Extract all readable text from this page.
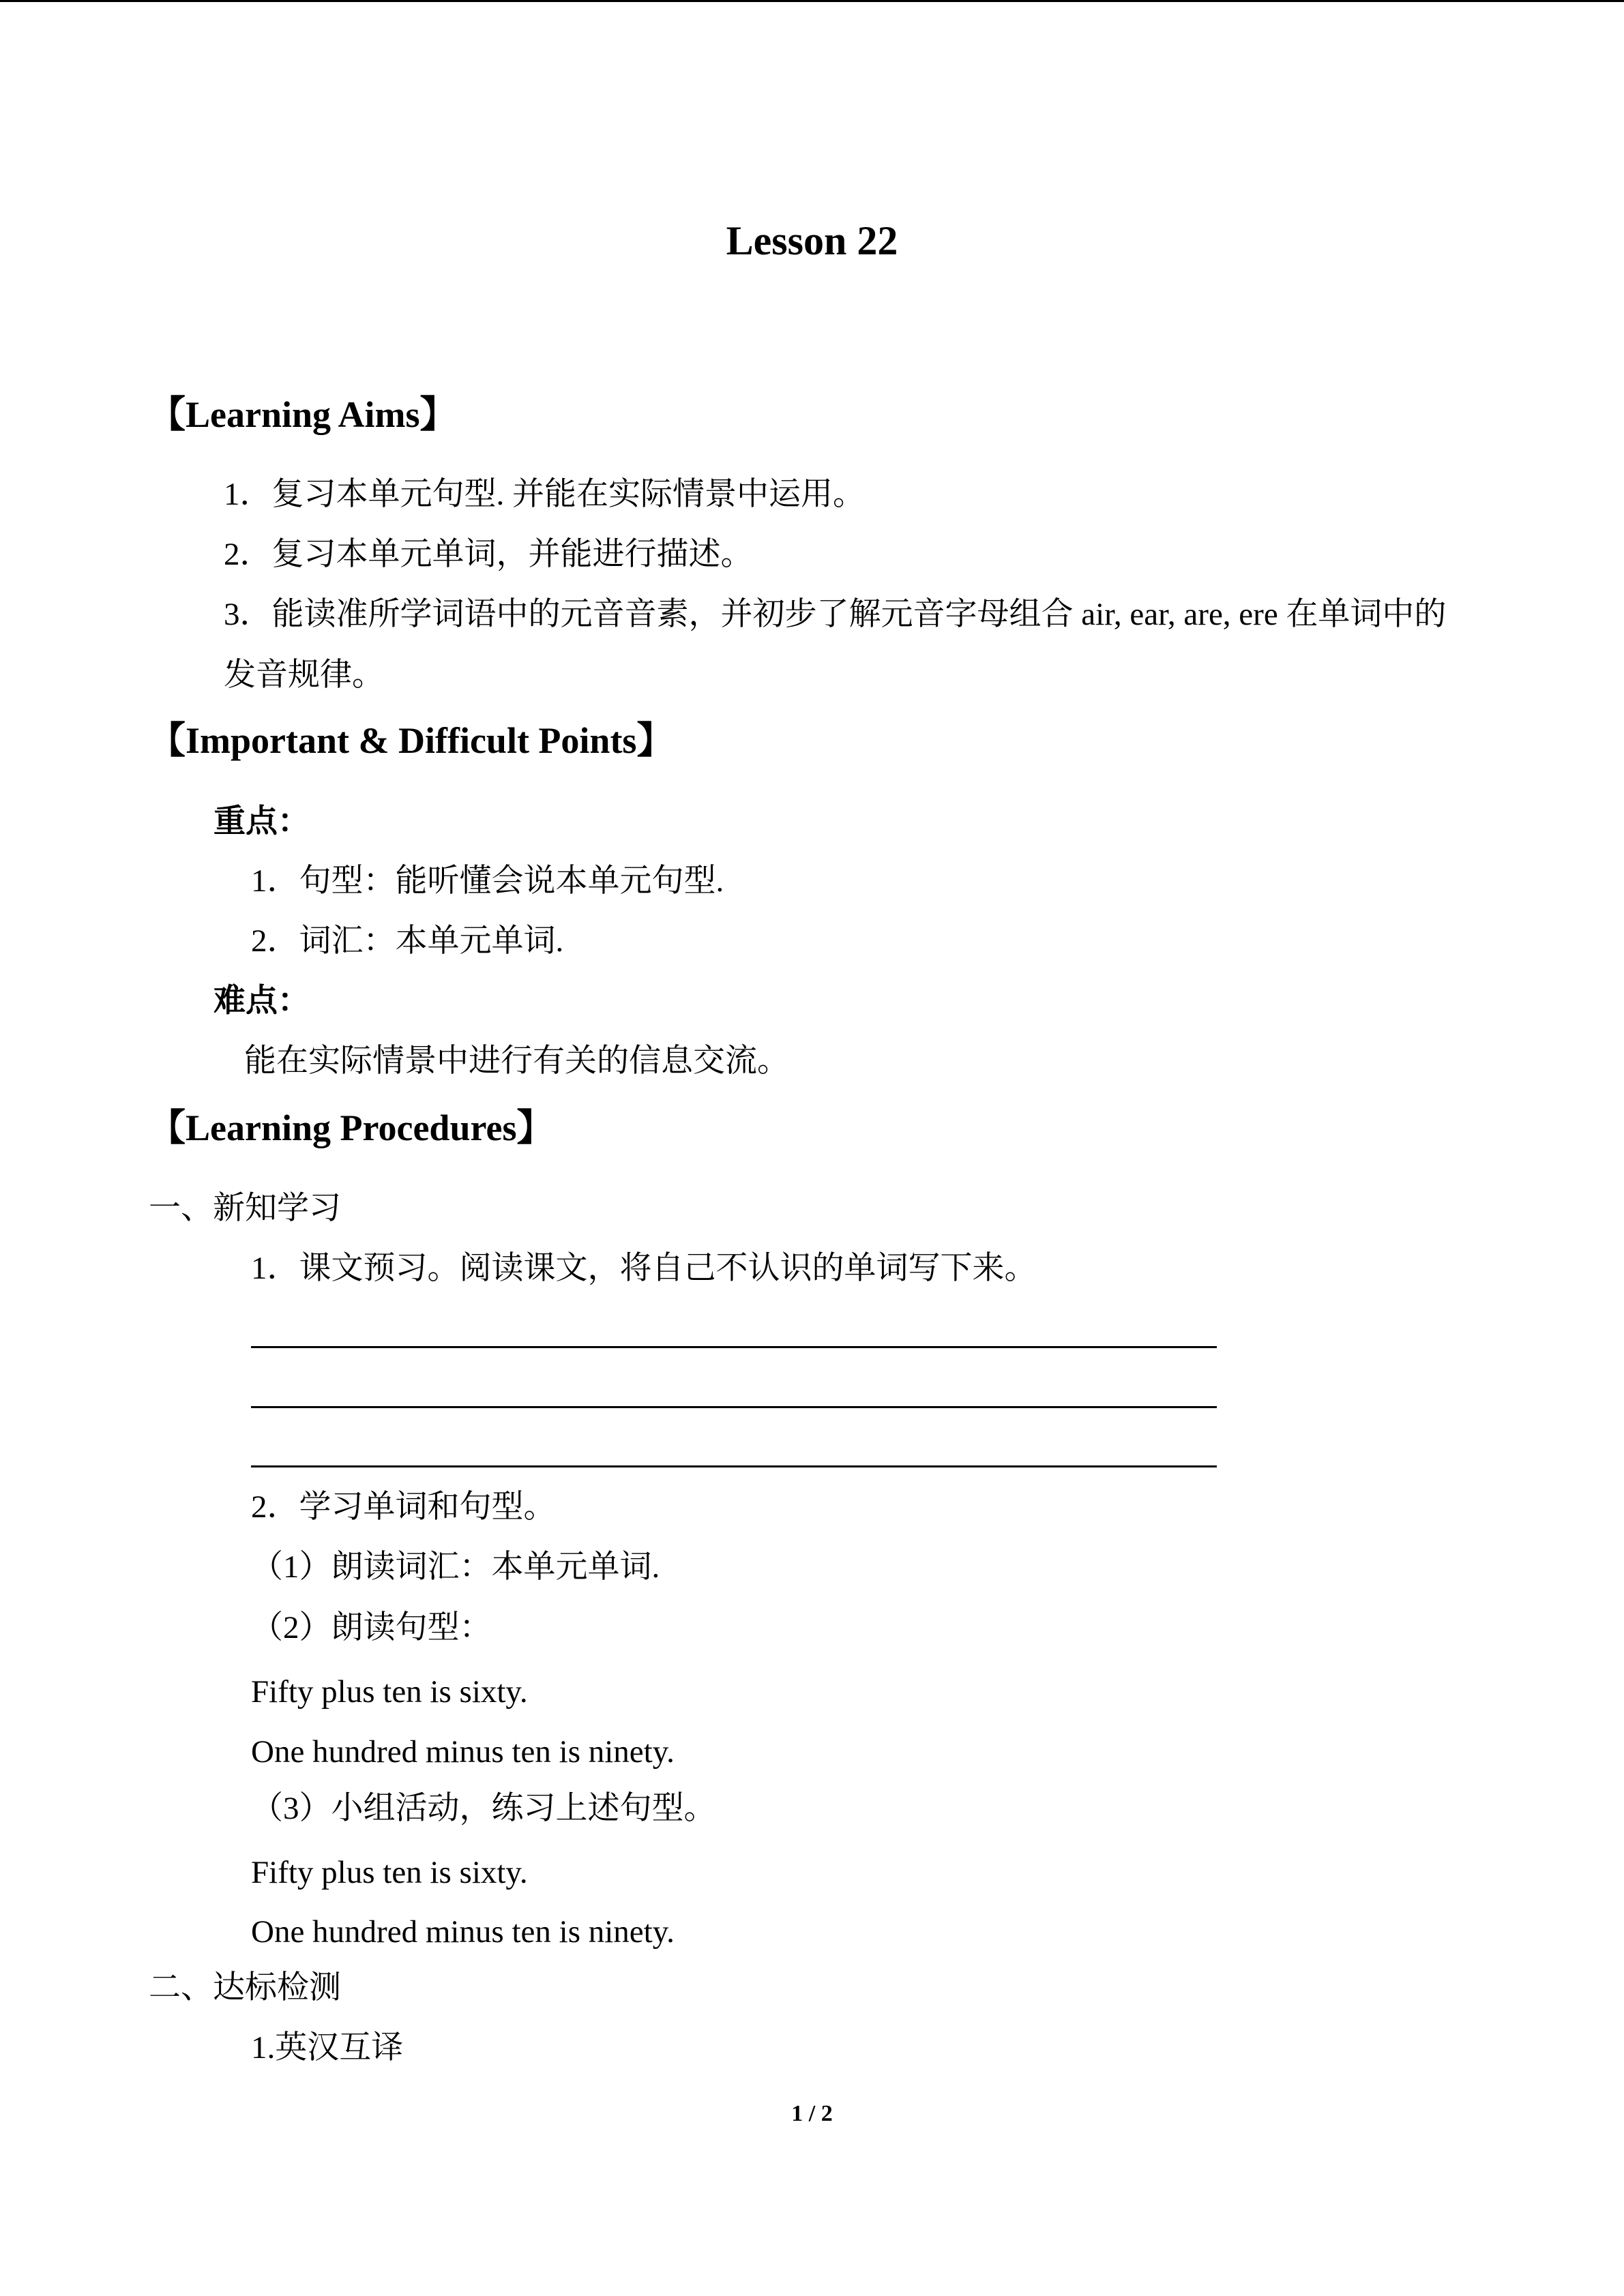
Lesson 22
【Learning Aims】
1．复习本单元句型. 并能在实际情景中运用。
2．复习本单元单词，并能进行描述。
3．能读准所学词语中的元音音素，并初步了解元音字母组合 air, ear, are, ere 在单词中的
发音规律。
【Important & Difficult Points】
重点：
1．句型：能听懂会说本单元句型.
2．词汇：本单元单词.
难点：
能在实际情景中进行有关的信息交流。
【Learning Procedures】
一、新知学习
1．课文预习。阅读课文，将自己不认识的单词写下来。
2．学习单词和句型。
（1）朗读词汇：本单元单词.
（2）朗读句型：
Fifty plus ten is sixty.
One hundred minus ten is ninety.
（3）小组活动，练习上述句型。
Fifty plus ten is sixty.
One hundred minus ten is ninety.
二、达标检测
1.英汉互译
1 / 2
